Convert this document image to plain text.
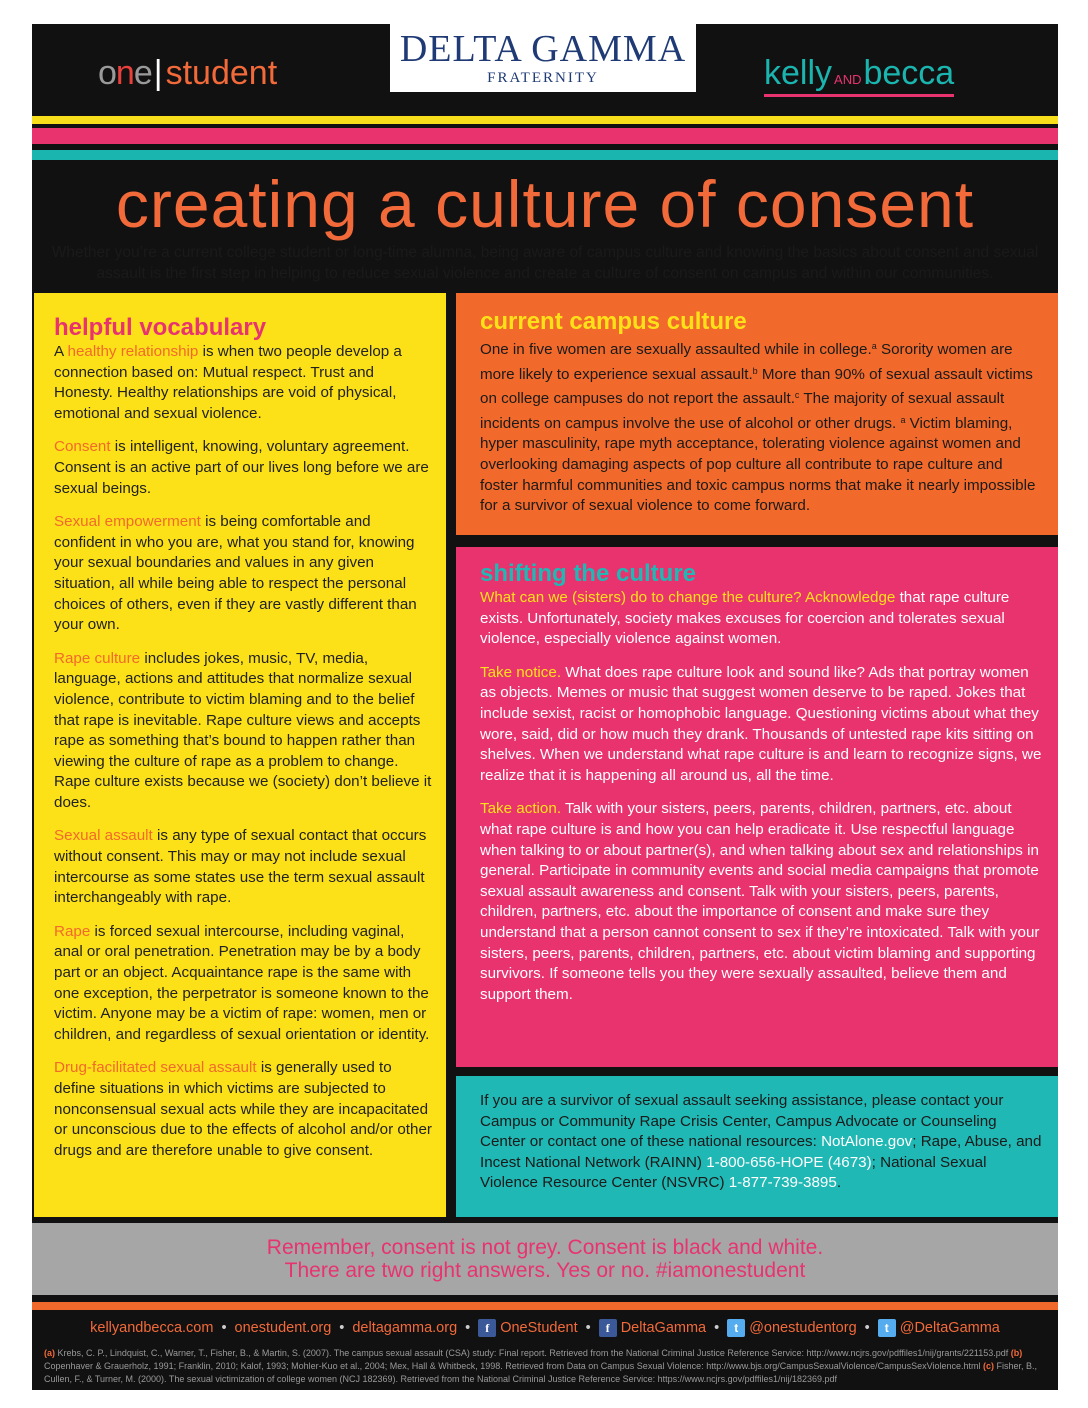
one| student
DELTA GAMMA
FRATERNITY	kelly ANDbecca
creating a culture of consent
Whether you’re a current college student or long-time alumna, being aware of campus culture and knowing the basics about consent and sexual assault is the first step in helping to reduce sexual violence and create a culture of consent on campus and within our communities.
helpful vocabulary

A healthy relationship is when two people develop a connection based on: Mutual respect. Trust and Honesty. Healthy relationships are void of physical, emotional and sexual violence.

Consent is intelligent, knowing, voluntary agreement. Consent is an active part of our lives long before we are sexual beings.

Sexual empowerment is being comfortable and confident in who you are, what you stand for, knowing your sexual boundaries and values in any given situation, all while being able to respect the personal choices of others, even if they are vastly different than your own.

Rape culture includes jokes, music, TV, media, language, actions and attitudes that normalize sexual violence, contribute to victim blaming and to the belief that rape is inevitable. Rape culture views and accepts rape as something that’s bound to happen rather than viewing the culture of rape as a problem to change. Rape culture exists because we (society) don’t believe it does.

Sexual assault is any type of sexual contact that occurs without consent. This may or may not include sexual intercourse as some states use the term sexual assault interchangeably with rape.

Rape is forced sexual intercourse, including vaginal, anal or oral penetration. Penetration may be by a body part or an object. Acquaintance rape is the same with one exception, the perpetrator is someone known to the victim. Anyone may be a victim of rape: women, men or children, and regardless of sexual orientation or identity.

Drug-facilitated sexual assault is generally used to define situations in which victims are subjected to nonconsensual sexual acts while they are incapacitated or unconscious due to the effects of alcohol and/or other drugs and are therefore unable to give consent.

current campus culture

One in five women are sexually assaulted while in college.$^a$ Sorority women are more likely to experience sexual assault.$^b$ More than 90% of sexual assault victims on college campuses do not report the assault.$^c$ The majority of sexual assault incidents on campus involve the use of alcohol or other drugs. $^a$ Victim blaming, hyper masculinity, rape myth acceptance, tolerating violence against women and overlooking damaging aspects of pop culture all contribute to rape culture and foster harmful communities and toxic campus norms that make it nearly impossible for a survivor of sexual violence to come forward.

shifting the culture

What can we (sisters) do to change the culture? Acknowledge that rape culture exists. Unfortunately, society makes excuses for coercion and tolerates sexual violence, especially violence against women.

Take notice. What does rape culture look and sound like? Ads that portray women as objects. Memes or music that suggest women deserve to be raped. Jokes that include sexist, racist or homophobic language. Questioning victims about what they wore, said, did or how much they drank. Thousands of untested rape kits sitting on shelves. When we understand what rape culture is and learn to recognize signs, we realize that it is happening all around us, all the time.

Take action. Talk with your sisters, peers, parents, children, partners, etc. about what rape culture is and how you can help eradicate it. Use respectful language when talking to or about partner(s), and when talking about sex and relationships in general. Participate in community events and social media campaigns that promote sexual assault awareness and consent. Talk with your sisters, peers, parents, children, partners, etc. about the importance of consent and make sure they understand that a person cannot consent to sex if they’re intoxicated. Talk with your sisters, peers, parents, children, partners, etc. about victim blaming and supporting survivors. If someone tells you they were sexually assaulted, believe them and support them.

If you are a survivor of sexual assault seeking assistance, please contact your Campus or Community Rape Crisis Center, Campus Advocate or Counseling Center or contact one of these national resources: NotAlone.gov; Rape, Abuse, and Incest National Network (RAINN) 1-800-656-HOPE (4673); National Sexual Violence Resource Center (NSVRC) 1-877-739-3895.

Remember, consent is not grey. Consent is black and white.
There are two right answers. Yes or no. #iamonestudent
kellyandbecca.com • onestudent.org • deltagamma.org •	f OneStudent •	f DeltaGamma •	t @onestudentorg •	t @DeltaGamma
(a) Krebs, C. P., Lindquist, C., Warner, T., Fisher, B., & Martin, S. (2007). The campus sexual assault (CSA) study: Final report. Retrieved from the National Criminal Justice Reference Service: http://www.ncjrs.gov/pdffiles1/nij/grants/221153.pdf (b) Copenhaver & Grauerholz, 1991; Franklin, 2010; Kalof, 1993; Mohler-Kuo et al., 2004; Mex, Hall & Whitbeck, 1998. Retrieved from Data on Campus Sexual Violence: http://www.bjs.org/CampusSexualViolence/CampusSexViolence.html (c) Fisher, B., Cullen, F., & Turner, M. (2000). The sexual victimization of college women (NCJ 182369). Retrieved from the National Criminal Justice Reference Service: https://www.ncjrs.gov/pdffiles1/nij/182369.pdf
